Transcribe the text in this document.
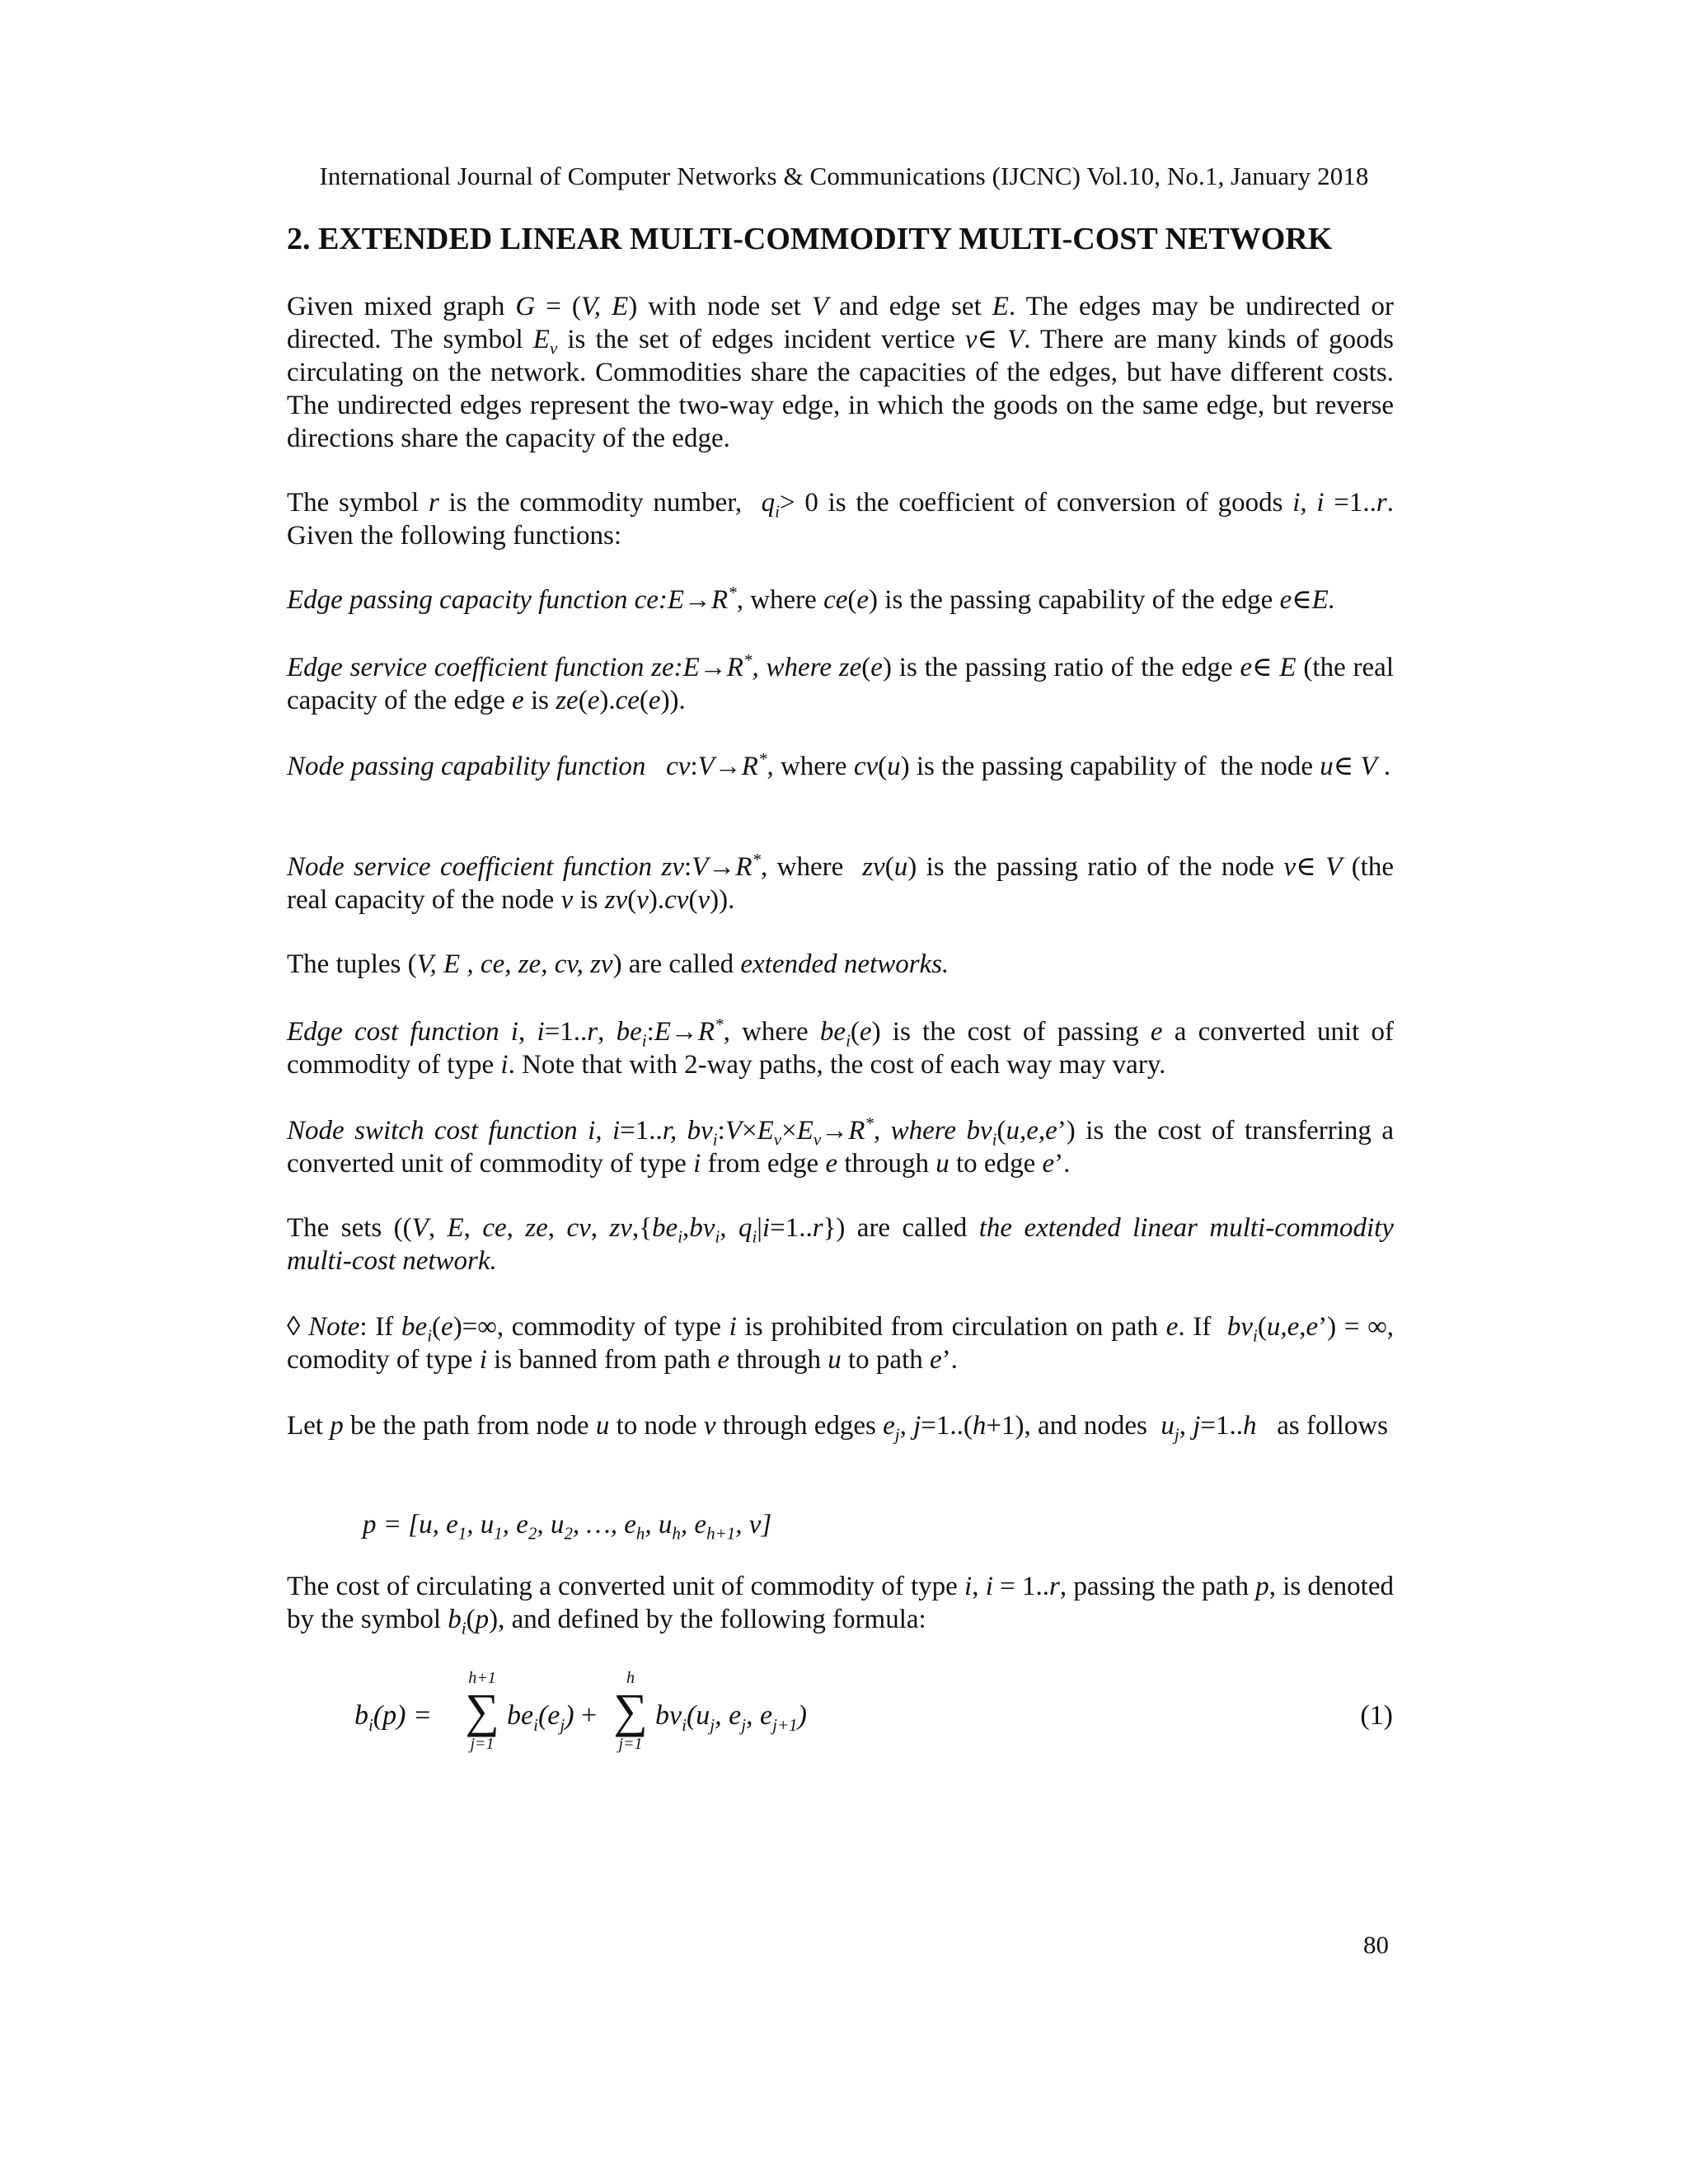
International Journal of Computer Networks & Communications (IJCNC) Vol.10, No.1, January 2018
2. EXTENDED LINEAR MULTI-COMMODITY MULTI-COST NETWORK
Given mixed graph G = (V, E) with node set V and edge set E. The edges may be undirected or directed. The symbol $E_v$ is the set of edges incident vertice v∈ V. There are many kinds of goods circulating on the network. Commodities share the capacities of the edges, but have different costs. The undirected edges represent the two-way edge, in which the goods on the same edge, but reverse directions share the capacity of the edge.
The symbol r is the commodity number,  $q_i> 0$ is the coefficient of conversion of goods i, i =1..r. Given the following functions:
Edge passing capacity function ce:E→R*, where ce(e) is the passing capability of the edge e∈E.
Edge service coefficient function ze:E→R*, where ze(e) is the passing ratio of the edge e∈ E (the real capacity of the edge e is ze(e).ce(e)).
Node passing capability function   cv:V→R*, where cv(u) is the passing capability of  the node u∈ V .
Node service coefficient function zv:V→R*, where  zv(u) is the passing ratio of the node v∈ V (the real capacity of the node v is zv(v).cv(v)).
The tuples (V, E , ce, ze, cv, zv) are called extended networks.
Edge cost function i, i=1..r, $be_i:E\to R^*$, where $be_i(e)$ is the cost of passing e a converted unit of commodity of type i. Note that with 2-way paths, the cost of each way may vary.
Node switch cost function i, i=1..r, $bv_i:V\times E_v\times E_v\to R^*$, where $bv_i(u,e,e’)$ is the cost of transferring a converted unit of commodity of type i from edge e through u to edge e’.
The sets ((V, E, ce, ze, cv, $zv,\{be_i,bv_i$, $q_i|i=1..r$}) are called the extended linear multi-commodity multi-cost network.
◊ Note: If $be_i(e)=\infty$, commodity of type i is prohibited from circulation on path e. If  $bv_i(u,e,e’)$ = ∞, comodity of type i is banned from path e through u to path e’.
Let p be the path from node u to node v through edges $e_j$, j=1..(h+1), and nodes  $u_j$, j=1..h   as follows
p = [u, $e_1$, $u_1$, $e_2$, $u_2$, …, $e_h$, $u_h$, $e_{h+1}$, v]
The cost of circulating a converted unit of commodity of type i, i = 1..r, passing the path p, is denoted by the symbol $b_i(p)$, and defined by the following formula:
$b_i(p)$ =
h+1
∑
j=1
$be_i(e_j)$ +
h
∑
j=1
$bv_i(u_j$, $e_j$, $e_{j+1}$)	(1)
80
